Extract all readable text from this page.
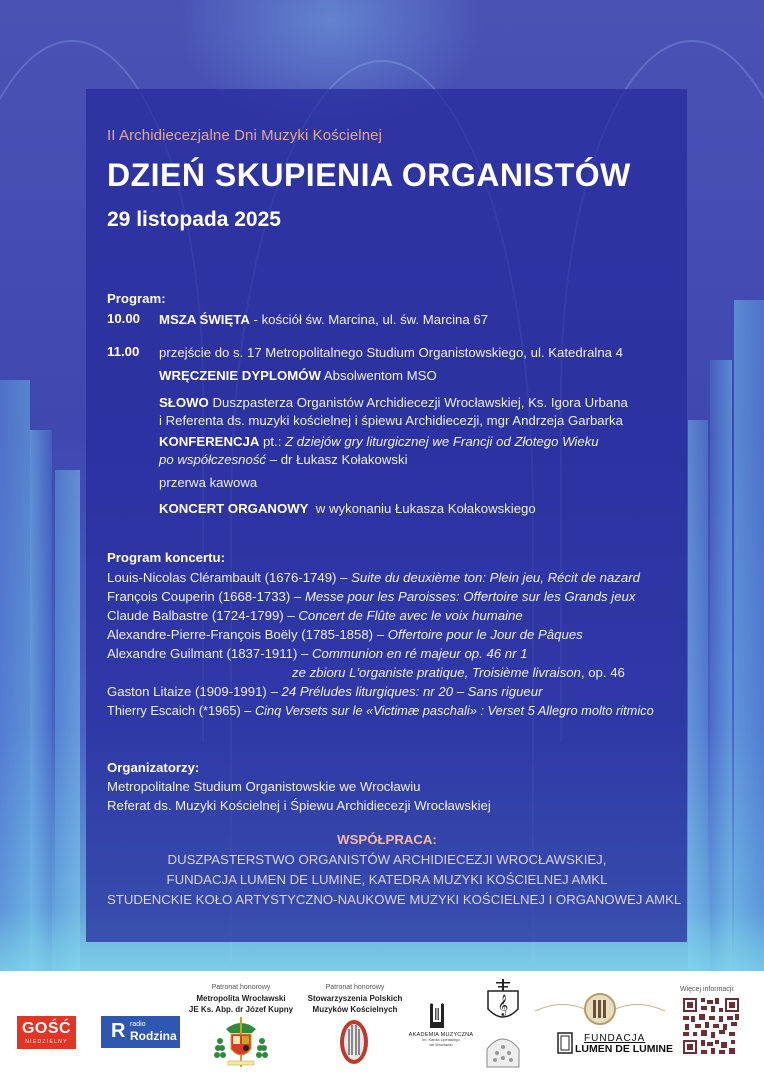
II Archidiecezjalne Dni Muzyki Kościelnej
DZIEŃ SKUPIENIA ORGANISTÓW
29 listopada 2025
Program:
10.00 MSZA ŚWIĘTA - kościół św. Marcina, ul. św. Marcina 67
11.00 przejście do s. 17 Metropolitalnego Studium Organistowskiego, ul. Katedralna 4
WRĘCZENIE DYPLOMÓW Absolwentom MSO
SŁOWO Duszpasterza Organistów Archidiecezji Wrocławskiej, Ks. Igora Urbana
i Referenta ds. muzyki kościelnej i śpiewu Archidiecezji, mgr Andrzeja Garbarka
KONFERENCJA pt.: Z dziejów gry liturgicznej we Francji od Złotego Wieku
po współczesność – dr Łukasz Kołakowski
przerwa kawowa
KONCERT ORGANOWY  w wykonaniu Łukasza Kołakowskiego
Program koncertu:
Louis-Nicolas Clérambault (1676-1749) – Suite du deuxième ton: Plein jeu, Récit de nazard
François Couperin (1668-1733) – Messe pour les Paroisses: Offertoire sur les Grands jeux
Claude Balbastre (1724-1799) – Concert de Flûte avec le voix humaine
Alexandre-Pierre-François Boëly (1785-1858) – Offertoire pour le Jour de Pâques
Alexandre Guilmant (1837-1911) – Communion en ré majeur op. 46 nr 1
ze zbioru L'organiste pratique, Troisième livraison, op. 46
Gaston Litaize (1909-1991) – 24 Préludes liturgiques: nr 20 – Sans rigueur
Thierry Escaich (*1965) – Cinq Versets sur le «Victimæ paschali» : Verset 5 Allegro molto ritmico
Organizatorzy:
Metropolitalne Studium Organistowskie we Wrocławiu
Referat ds. Muzyki Kościelnej i Śpiewu Archidiecezji Wrocławskiej
WSPÓŁPRACA:
DUSZPASTERSTWO ORGANISTÓW ARCHIDIECEZJI WROCŁAWSKIEJ,
FUNDACJA LUMEN DE LUMINE, KATEDRA MUZYKI KOŚCIELNEJ AMKL
STUDENCKIE KOŁO ARTYSTYCZNO-NAUKOWE MUZYKI KOŚCIELNEJ I ORGANOWEJ AMKL
GOŚĆ
NIEDZIELNY	R radio
Rodzina
Patronat honorowy
Metropolita Wrocławski
JE Ks. Abp. dr Józef Kupny
Patronat honorowy
Stowarzyszenia Polskich
Muzyków Kościelnych
AKADEMIA MUZYCZNA
im. Karola Lipińskiego
we Wrocławiu
𝄞
FUNDACJA
LUMEN DE LUMINE
Więcej informacji:
